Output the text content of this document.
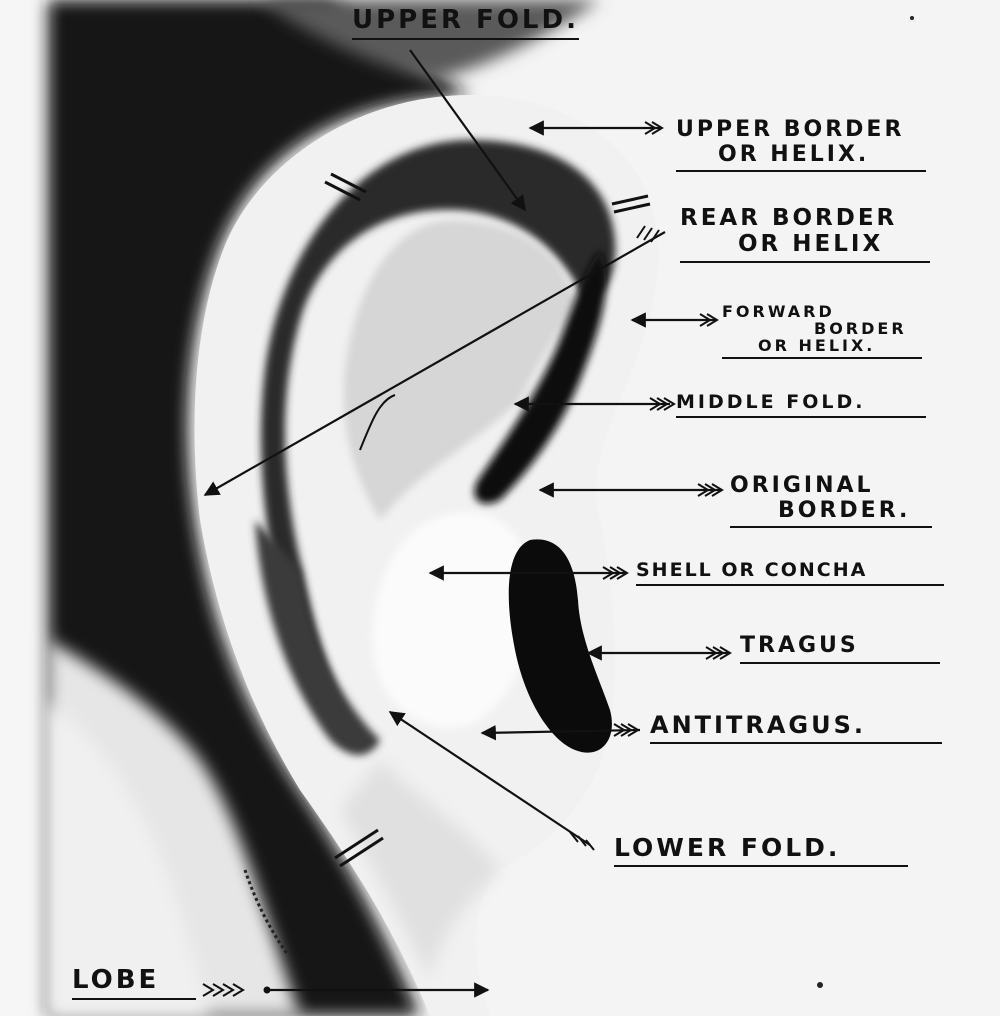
UPPER FOLD.
UPPER BORDER
OR HELIX.
REAR BORDER
OR HELIX
FORWARD
BORDER
OR HELIX.
MIDDLE FOLD.
ORIGINAL
BORDER.
SHELL OR CONCHA
TRAGUS
ANTITRAGUS.
LOWER FOLD.
LOBE
